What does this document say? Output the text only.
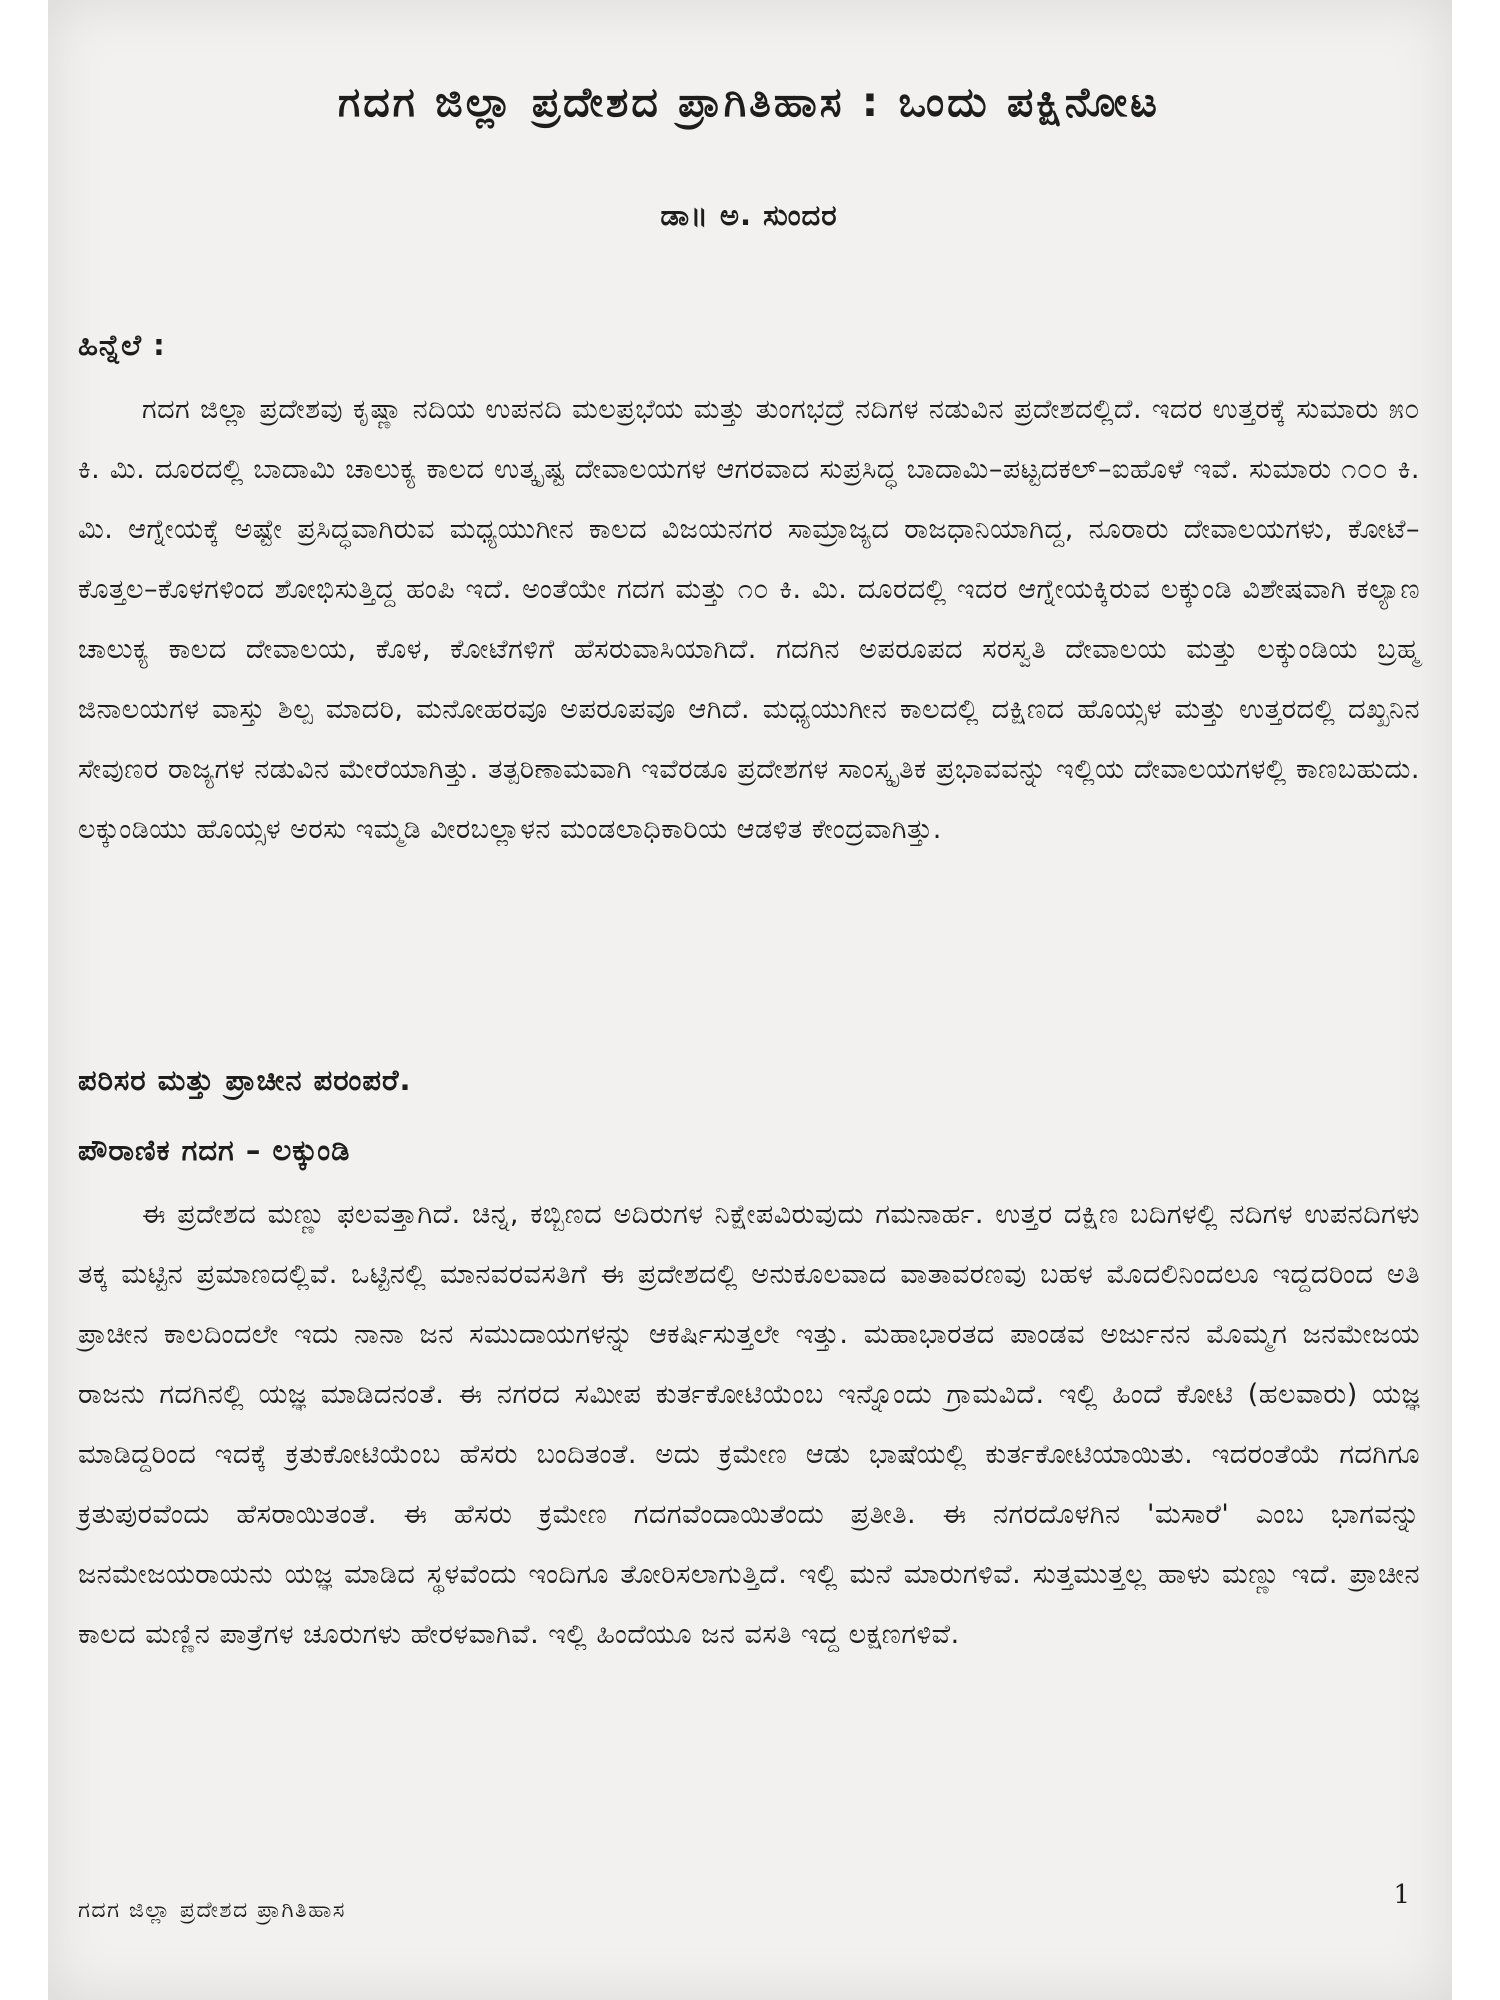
ಗದಗ ಜಿಲ್ಲಾ ಪ್ರದೇಶದ ಪ್ರಾಗಿತಿಹಾಸ : ಒಂದು ಪಕ್ಷಿನೋಟ
ಡಾ॥ ಅ. ಸುಂದರ
ಹಿನ್ನೆಲೆ :
ಗದಗ ಜಿಲ್ಲಾ ಪ್ರದೇಶವು ಕೃಷ್ಣಾ ನದಿಯ ಉಪನದಿ ಮಲಪ್ರಭೆಯ ಮತ್ತು ತುಂಗಭದ್ರೆ ನದಿಗಳ ನಡುವಿನ ಪ್ರದೇಶದಲ್ಲಿದೆ. ಇದರ ಉತ್ತರಕ್ಕೆ ಸುಮಾರು ೫೦ ಕಿ. ಮಿ. ದೂರದಲ್ಲಿ ಬಾದಾಮಿ ಚಾಲುಕ್ಯ ಕಾಲದ ಉತ್ಕೃಷ್ಟ ದೇವಾಲಯಗಳ ಆಗರವಾದ ಸುಪ್ರಸಿದ್ಧ ಬಾದಾಮಿ–ಪಟ್ಟದಕಲ್–ಐಹೊಳೆ ಇವೆ. ಸುಮಾರು ೧೦೦ ಕಿ. ಮಿ. ಆಗ್ನೇಯಕ್ಕೆ ಅಷ್ಟೇ ಪ್ರಸಿದ್ಧವಾಗಿರುವ ಮಧ್ಯಯುಗೀನ ಕಾಲದ ವಿಜಯನಗರ ಸಾಮ್ರಾಜ್ಯದ ರಾಜಧಾನಿಯಾಗಿದ್ದ, ನೂರಾರು ದೇವಾಲಯಗಳು, ಕೋಟೆ–ಕೊತ್ತಲ–ಕೊಳಗಳಿಂದ ಶೋಭಿಸುತ್ತಿದ್ದ ಹಂಪಿ ಇದೆ. ಅಂತೆಯೇ ಗದಗ ಮತ್ತು ೧೦ ಕಿ. ಮಿ. ದೂರದಲ್ಲಿ ಇದರ ಆಗ್ನೇಯಕ್ಕಿರುವ ಲಕ್ಕುಂಡಿ ವಿಶೇಷವಾಗಿ ಕಲ್ಯಾಣ ಚಾಲುಕ್ಯ ಕಾಲದ ದೇವಾಲಯ, ಕೊಳ, ಕೋಟೆಗಳಿಗೆ ಹೆಸರುವಾಸಿಯಾಗಿದೆ. ಗದಗಿನ ಅಪರೂಪದ ಸರಸ್ವತಿ ದೇವಾಲಯ ಮತ್ತು ಲಕ್ಕುಂಡಿಯ ಬ್ರಹ್ಮ ಜಿನಾಲಯಗಳ ವಾಸ್ತು ಶಿಲ್ಪ ಮಾದರಿ, ಮನೋಹರವೂ ಅಪರೂಪವೂ ಆಗಿದೆ. ಮಧ್ಯಯುಗೀನ ಕಾಲದಲ್ಲಿ ದಕ್ಷಿಣದ ಹೊಯ್ಸಳ ಮತ್ತು ಉತ್ತರದಲ್ಲಿ ದಖ್ಖನಿನ ಸೇವುಣರ ರಾಜ್ಯಗಳ ನಡುವಿನ ಮೇರೆಯಾಗಿತ್ತು. ತತ್ಪರಿಣಾಮವಾಗಿ ಇವೆರಡೂ ಪ್ರದೇಶಗಳ ಸಾಂಸ್ಕೃತಿಕ ಪ್ರಭಾವವನ್ನು ಇಲ್ಲಿಯ ದೇವಾಲಯಗಳಲ್ಲಿ ಕಾಣಬಹುದು. ಲಕ್ಕುಂಡಿಯು ಹೊಯ್ಸಳ ಅರಸು ಇಮ್ಮಡಿ ವೀರಬಲ್ಲಾಳನ ಮಂಡಲಾಧಿಕಾರಿಯ ಆಡಳಿತ ಕೇಂದ್ರವಾಗಿತ್ತು.
ಪರಿಸರ ಮತ್ತು ಪ್ರಾಚೀನ ಪರಂಪರೆ.
ಪೌರಾಣಿಕ ಗದಗ – ಲಕ್ಕುಂಡಿ
ಈ ಪ್ರದೇಶದ ಮಣ್ಣು ಫಲವತ್ತಾಗಿದೆ. ಚಿನ್ನ, ಕಬ್ಬಿಣದ ಅದಿರುಗಳ ನಿಕ್ಷೇಪವಿರುವುದು ಗಮನಾರ್ಹ. ಉತ್ತರ ದಕ್ಷಿಣ ಬದಿಗಳಲ್ಲಿ ನದಿಗಳ ಉಪನದಿಗಳು ತಕ್ಕ ಮಟ್ಟಿನ ಪ್ರಮಾಣದಲ್ಲಿವೆ. ಒಟ್ಟಿನಲ್ಲಿ ಮಾನವರವಸತಿಗೆ ಈ ಪ್ರದೇಶದಲ್ಲಿ ಅನುಕೂಲವಾದ ವಾತಾವರಣವು ಬಹಳ ಮೊದಲಿನಿಂದಲೂ ಇದ್ದದರಿಂದ ಅತಿ ಪ್ರಾಚೀನ ಕಾಲದಿಂದಲೇ ಇದು ನಾನಾ ಜನ ಸಮುದಾಯಗಳನ್ನು ಆಕರ್ಷಿಸುತ್ತಲೇ ಇತ್ತು. ಮಹಾಭಾರತದ ಪಾಂಡವ ಅರ್ಜುನನ ಮೊಮ್ಮಗ ಜನಮೇಜಯ ರಾಜನು ಗದಗಿನಲ್ಲಿ ಯಜ್ಞ ಮಾಡಿದನಂತೆ. ಈ ನಗರದ ಸಮೀಪ ಕುರ್ತಕೋಟಿಯೆಂಬ ಇನ್ನೊಂದು ಗ್ರಾಮವಿದೆ. ಇಲ್ಲಿ ಹಿಂದೆ ಕೋಟಿ (ಹಲವಾರು) ಯಜ್ಞ ಮಾಡಿದ್ದರಿಂದ ಇದಕ್ಕೆ ಕ್ರತುಕೋಟಿಯೆಂಬ ಹೆಸರು ಬಂದಿತಂತೆ. ಅದು ಕ್ರಮೇಣ ಆಡು ಭಾಷೆಯಲ್ಲಿ ಕುರ್ತಕೋಟಿಯಾಯಿತು. ಇದರಂತೆಯೆ ಗದಗಿಗೂ ಕ್ರತುಪುರವೆಂದು ಹೆಸರಾಯಿತಂತೆ. ಈ ಹೆಸರು ಕ್ರಮೇಣ ಗದಗವೆಂದಾಯಿತೆಂದು ಪ್ರತೀತಿ. ಈ ನಗರದೊಳಗಿನ 'ಮಸಾರೆ' ಎಂಬ ಭಾಗವನ್ನು ಜನಮೇಜಯರಾಯನು ಯಜ್ಞ ಮಾಡಿದ ಸ್ಥಳವೆಂದು ಇಂದಿಗೂ ತೋರಿಸಲಾಗುತ್ತಿದೆ. ಇಲ್ಲಿ ಮನೆ ಮಾರುಗಳಿವೆ. ಸುತ್ತಮುತ್ತಲ್ಲ ಹಾಳು ಮಣ್ಣು ಇದೆ. ಪ್ರಾಚೀನ ಕಾಲದ ಮಣ್ಣಿನ ಪಾತ್ರೆಗಳ ಚೂರುಗಳು ಹೇರಳವಾಗಿವೆ. ಇಲ್ಲಿ ಹಿಂದೆಯೂ ಜನ ವಸತಿ ಇದ್ದ ಲಕ್ಷಣಗಳಿವೆ.
ಗದಗ ಜಿಲ್ಲಾ ಪ್ರದೇಶದ ಪ್ರಾಗಿತಿಹಾಸ
1
